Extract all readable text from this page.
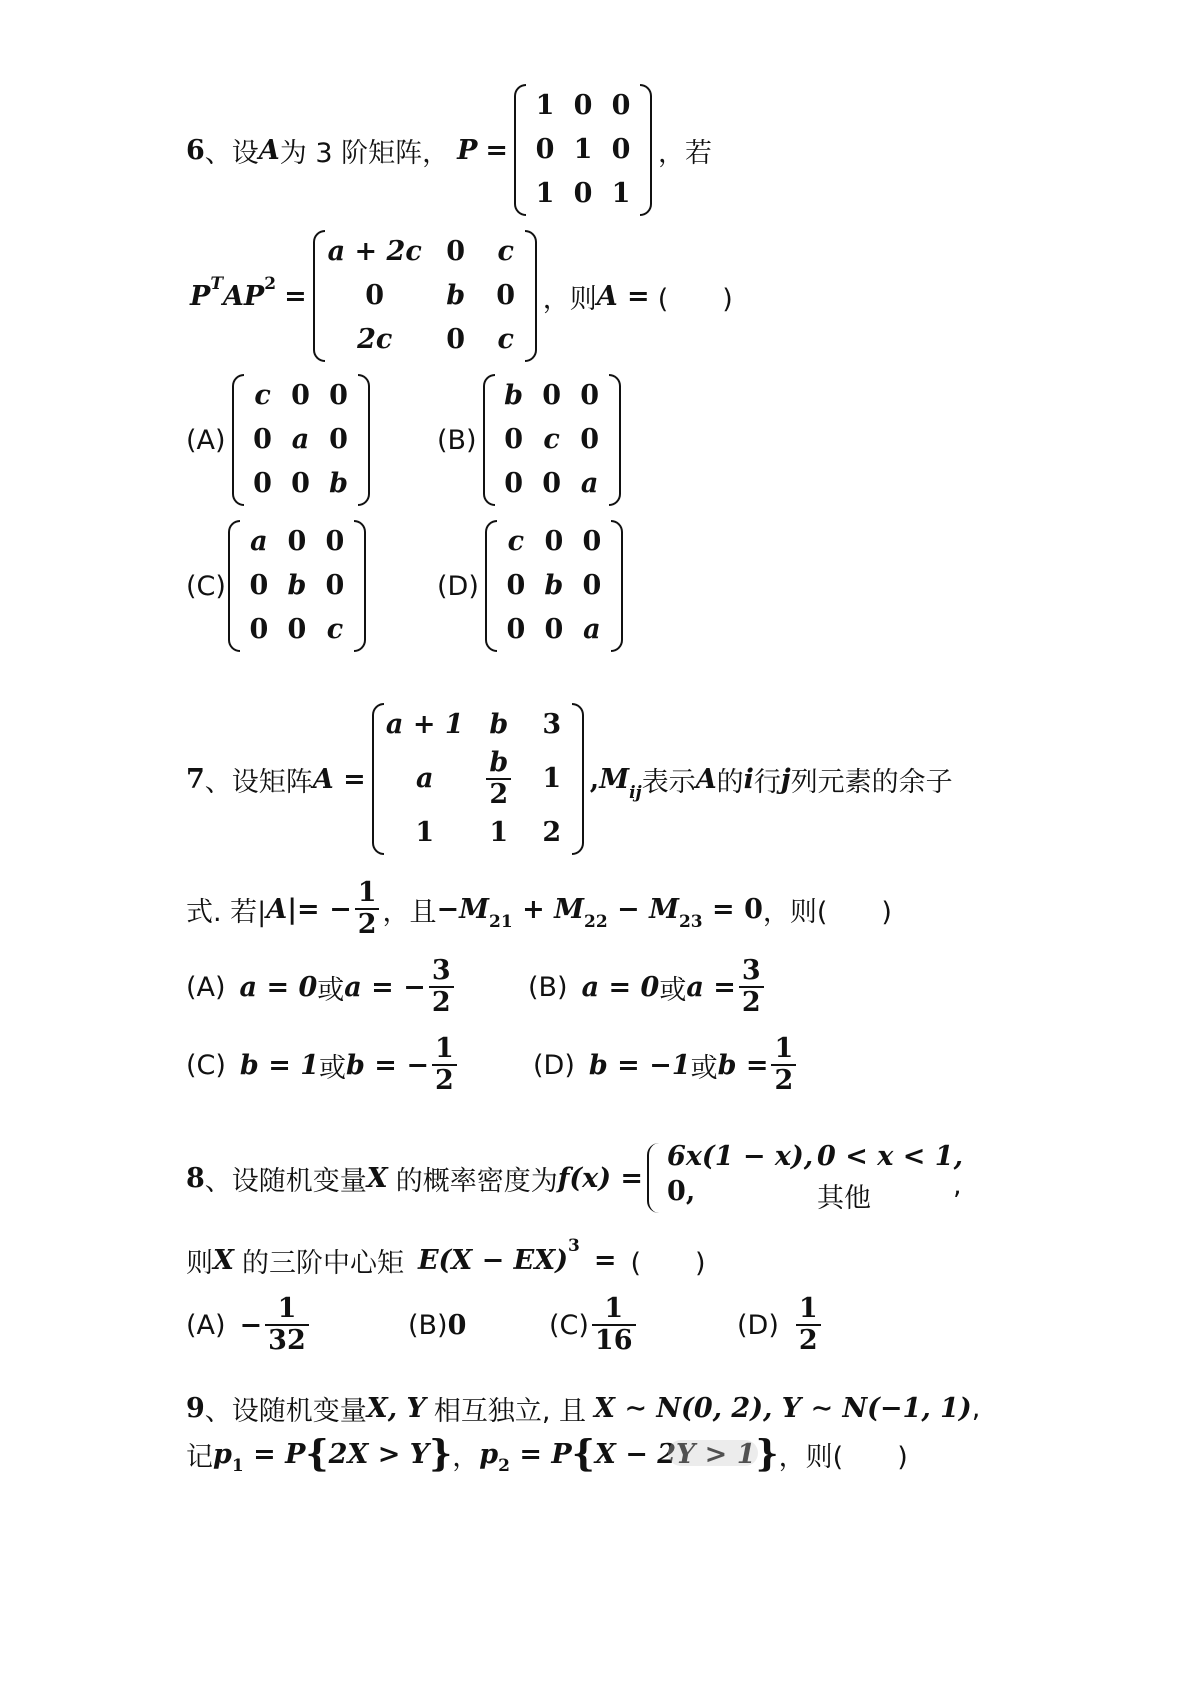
6 、设 A 为 3 阶矩阵， P =
1 0 0
0 1 0
1 0 1
，若
$P^T$ A $P^2$ =
a + 2c 0 c
0 b 0
2c 0 c
，则 A = (　　)
(A)
c 0 0
0 a 0
0 0 b
(B)
b 0 0
0 c 0
0 0 a
(C)
a 0 0
0 b 0
0 0 c
(D)
c 0 0
0 b 0
0 0 a
7 、设矩阵 A =
a + 1 b 3
a $\frac{b}{2} 1$
1 1 2
, $M_{ij}$ 表示 A 的 i 行 j 列元素的余子
式. 若| A |= − $\frac{1}{2}$ ，且 $-M_{21} + M_{22} - M_{23} = 0$ ，则 (　　)
(A) a = 0 或 a = − $\frac{3}{2}$	(B) a = 0 或 $a = \frac{3}{2}$
(C) b = 1 或 b = − $\frac{1}{2}$	(D) b = −1 或 $b = \frac{1}{2}$
8 、设随机变量 X 的概率密度为 f(x) =
6x(1 − x), 0 < x < 1,
0,	其他	,
则 X 的三阶中心矩 E(X − EX)$^3$ = (　　)
$(A) - \frac{1}{32}$	(B) 0	$(C) \frac{1}{16}$	$(D) \frac{1}{2}$
9 、设随机变量 X, Y 相互独立, 且 X ∼ N(0, 2), Y ∼ N(−1, 1) ,
记 $p_1 = P$ { 2X > Y } ， $p_2 = P$ { X − 2Y > 1 } ，则 (　　)
